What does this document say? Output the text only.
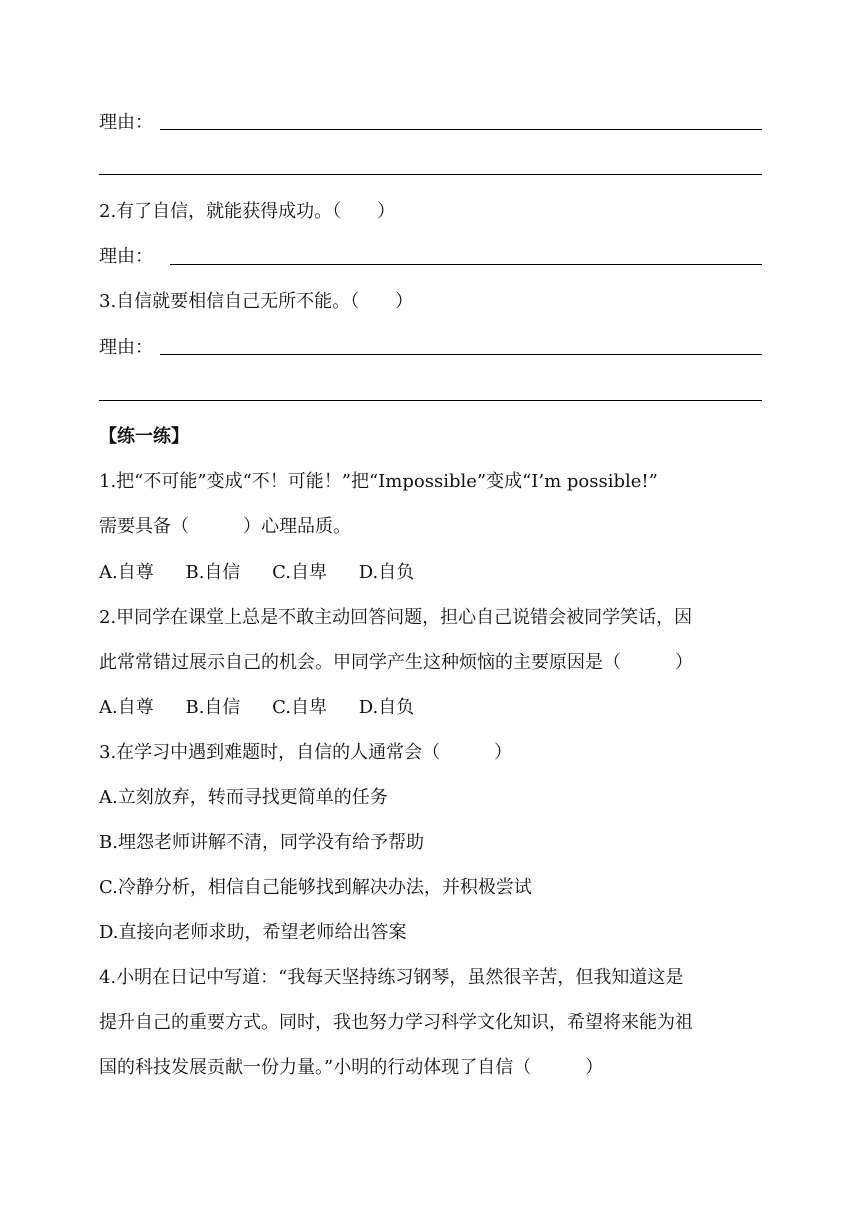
理由：
2.有了自信，就能获得成功。（　　）
理由：
3.自信就要相信自己无所不能。（　　）
理由：
【练一练】
1.把“不可能”变成“不！可能！”把“Impossible”变成“I’m possible!”
需要具备（　　　）心理品质。
A.自尊 B.自信 C.自卑 D.自负
2.甲同学在课堂上总是不敢主动回答问题，担心自己说错会被同学笑话，因
此常常错过展示自己的机会。甲同学产生这种烦恼的主要原因是（　　　）
A.自尊 B.自信 C.自卑 D.自负
3.在学习中遇到难题时，自信的人通常会（　　　）
A.立刻放弃，转而寻找更简单的任务
B.埋怨老师讲解不清，同学没有给予帮助
C.冷静分析，相信自己能够找到解决办法，并积极尝试
D.直接向老师求助，希望老师给出答案
4.小明在日记中写道：“我每天坚持练习钢琴，虽然很辛苦，但我知道这是
提升自己的重要方式。同时，我也努力学习科学文化知识，希望将来能为祖
国的科技发展贡献一份力量。”小明的行动体现了自信（　　　）
